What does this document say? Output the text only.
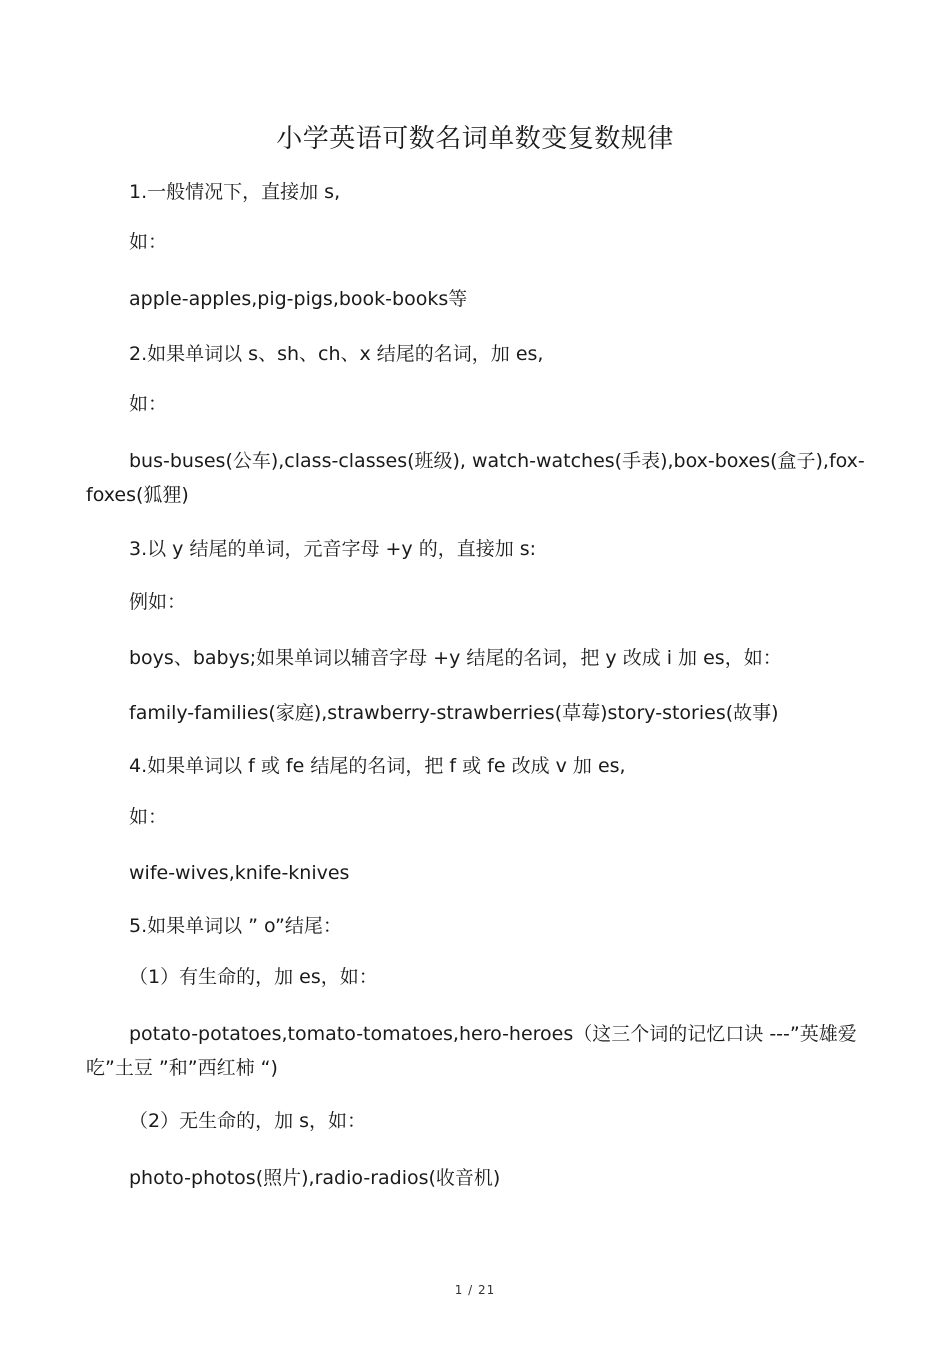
小学英语可数名词单数变复数规律
1.一般情况下，直接加 s,
如：
apple-apples,pig-pigs,book-books等
2.如果单词以 s、sh、ch、x 结尾的名词，加 es,
如：
bus-buses(公车),class-classes(班级), watch-watches(手表),box-boxes(盒子),fox-foxes(狐狸)
3.以 y 结尾的单词，元音字母 +y 的，直接加 s:
例如：
boys、babys;如果单词以辅音字母 +y 结尾的名词，把 y 改成 i 加 es，如：
family-families(家庭),strawberry-strawberries(草莓)story-stories(故事)
4.如果单词以 f 或 fe 结尾的名词，把 f 或 fe 改成 v 加 es,
如：
wife-wives,knife-knives
5.如果单词以 ” o”结尾：
（1）有生命的，加 es，如：
potato-potatoes,tomato-tomatoes,hero-heroes（这三个词的记忆口诀 ---”英雄爱吃”土豆 ”和”西红柿 “)
（2）无生命的，加 s，如：
photo-photos(照片),radio-radios(收音机)
1 / 21
